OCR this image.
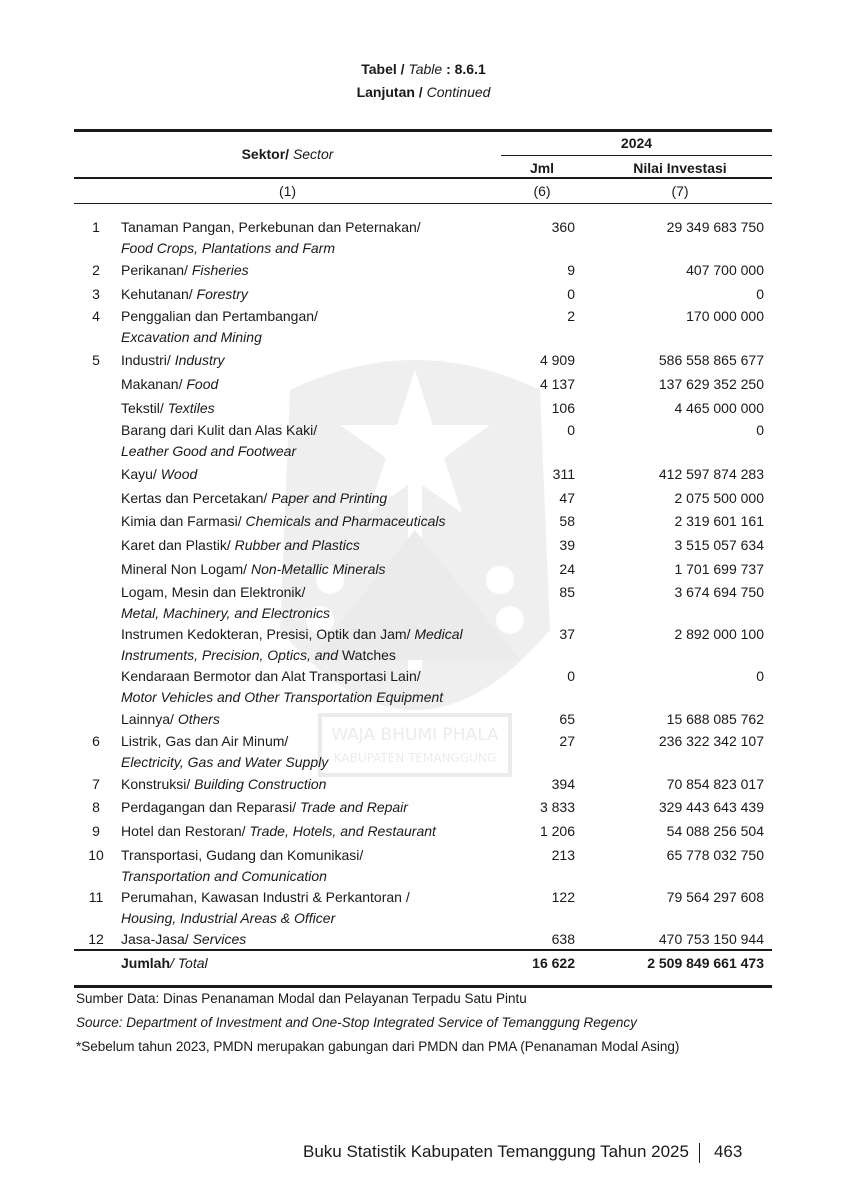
WAJA BHUMI PHALA
KABUPATEN TEMANGGUNG
Tabel / Table : 8.6.1
Lanjutan / Continued
Sektor/ Sector
2024
Jml	Nilai Investasi
(1)	(6)	(7)
1	Tanaman Pangan, Perkebunan dan Peternakan/
Food Crops, Plantations and Farm
360	29 349 683 750
2	Perikanan/ Fisheries	9	407 700 000
3	Kehutanan/ Forestry	0	0
4	Penggalian dan Pertambangan/
Excavation and Mining
2	170 000 000
5	Industri/ Industry	4 909	586 558 865 677
Makanan/ Food	4 137	137 629 352 250
Tekstil/ Textiles	106	4 465 000 000
Barang dari Kulit dan Alas Kaki/
Leather Good and Footwear
0	0
Kayu/ Wood	311	412 597 874 283
Kertas dan Percetakan/ Paper and Printing	47	2 075 500 000
Kimia dan Farmasi/ Chemicals and Pharmaceuticals	58	2 319 601 161
Karet dan Plastik/ Rubber and Plastics	39	3 515 057 634
Mineral Non Logam/ Non-Metallic Minerals	24	1 701 699 737
Logam, Mesin dan Elektronik/
Metal, Machinery, and Electronics
85	3 674 694 750
Instrumen Kedokteran, Presisi, Optik dan Jam/ Medical Instruments, Precision, Optics, and Watches
37	2 892 000 100
Kendaraan Bermotor dan Alat Transportasi Lain/
Motor Vehicles and Other Transportation Equipment
0	0
Lainnya/ Others	65	15 688 085 762
6	Listrik, Gas dan Air Minum/
Electricity, Gas and Water Supply
27	236 322 342 107
7	Konstruksi/ Building Construction	394	70 854 823 017
8	Perdagangan dan Reparasi/ Trade and Repair	3 833	329 443 643 439
9	Hotel dan Restoran/ Trade, Hotels, and Restaurant	1 206	54 088 256 504
10	Transportasi, Gudang dan Komunikasi/
Transportation and Comunication
213	65 778 032 750
11	Perumahan, Kawasan Industri & Perkantoran /
Housing, Industrial Areas & Officer
122	79 564 297 608
12	Jasa-Jasa/ Services	638	470 753 150 944
Jumlah/ Total	16 622	2 509 849 661 473
Sumber Data: Dinas Penanaman Modal dan Pelayanan Terpadu Satu Pintu
Source: Department of Investment and One-Stop Integrated Service of Temanggung Regency
*Sebelum tahun 2023, PMDN merupakan gabungan dari PMDN dan PMA (Penanaman Modal Asing)
Buku Statistik Kabupaten Temanggung Tahun 2025 463
